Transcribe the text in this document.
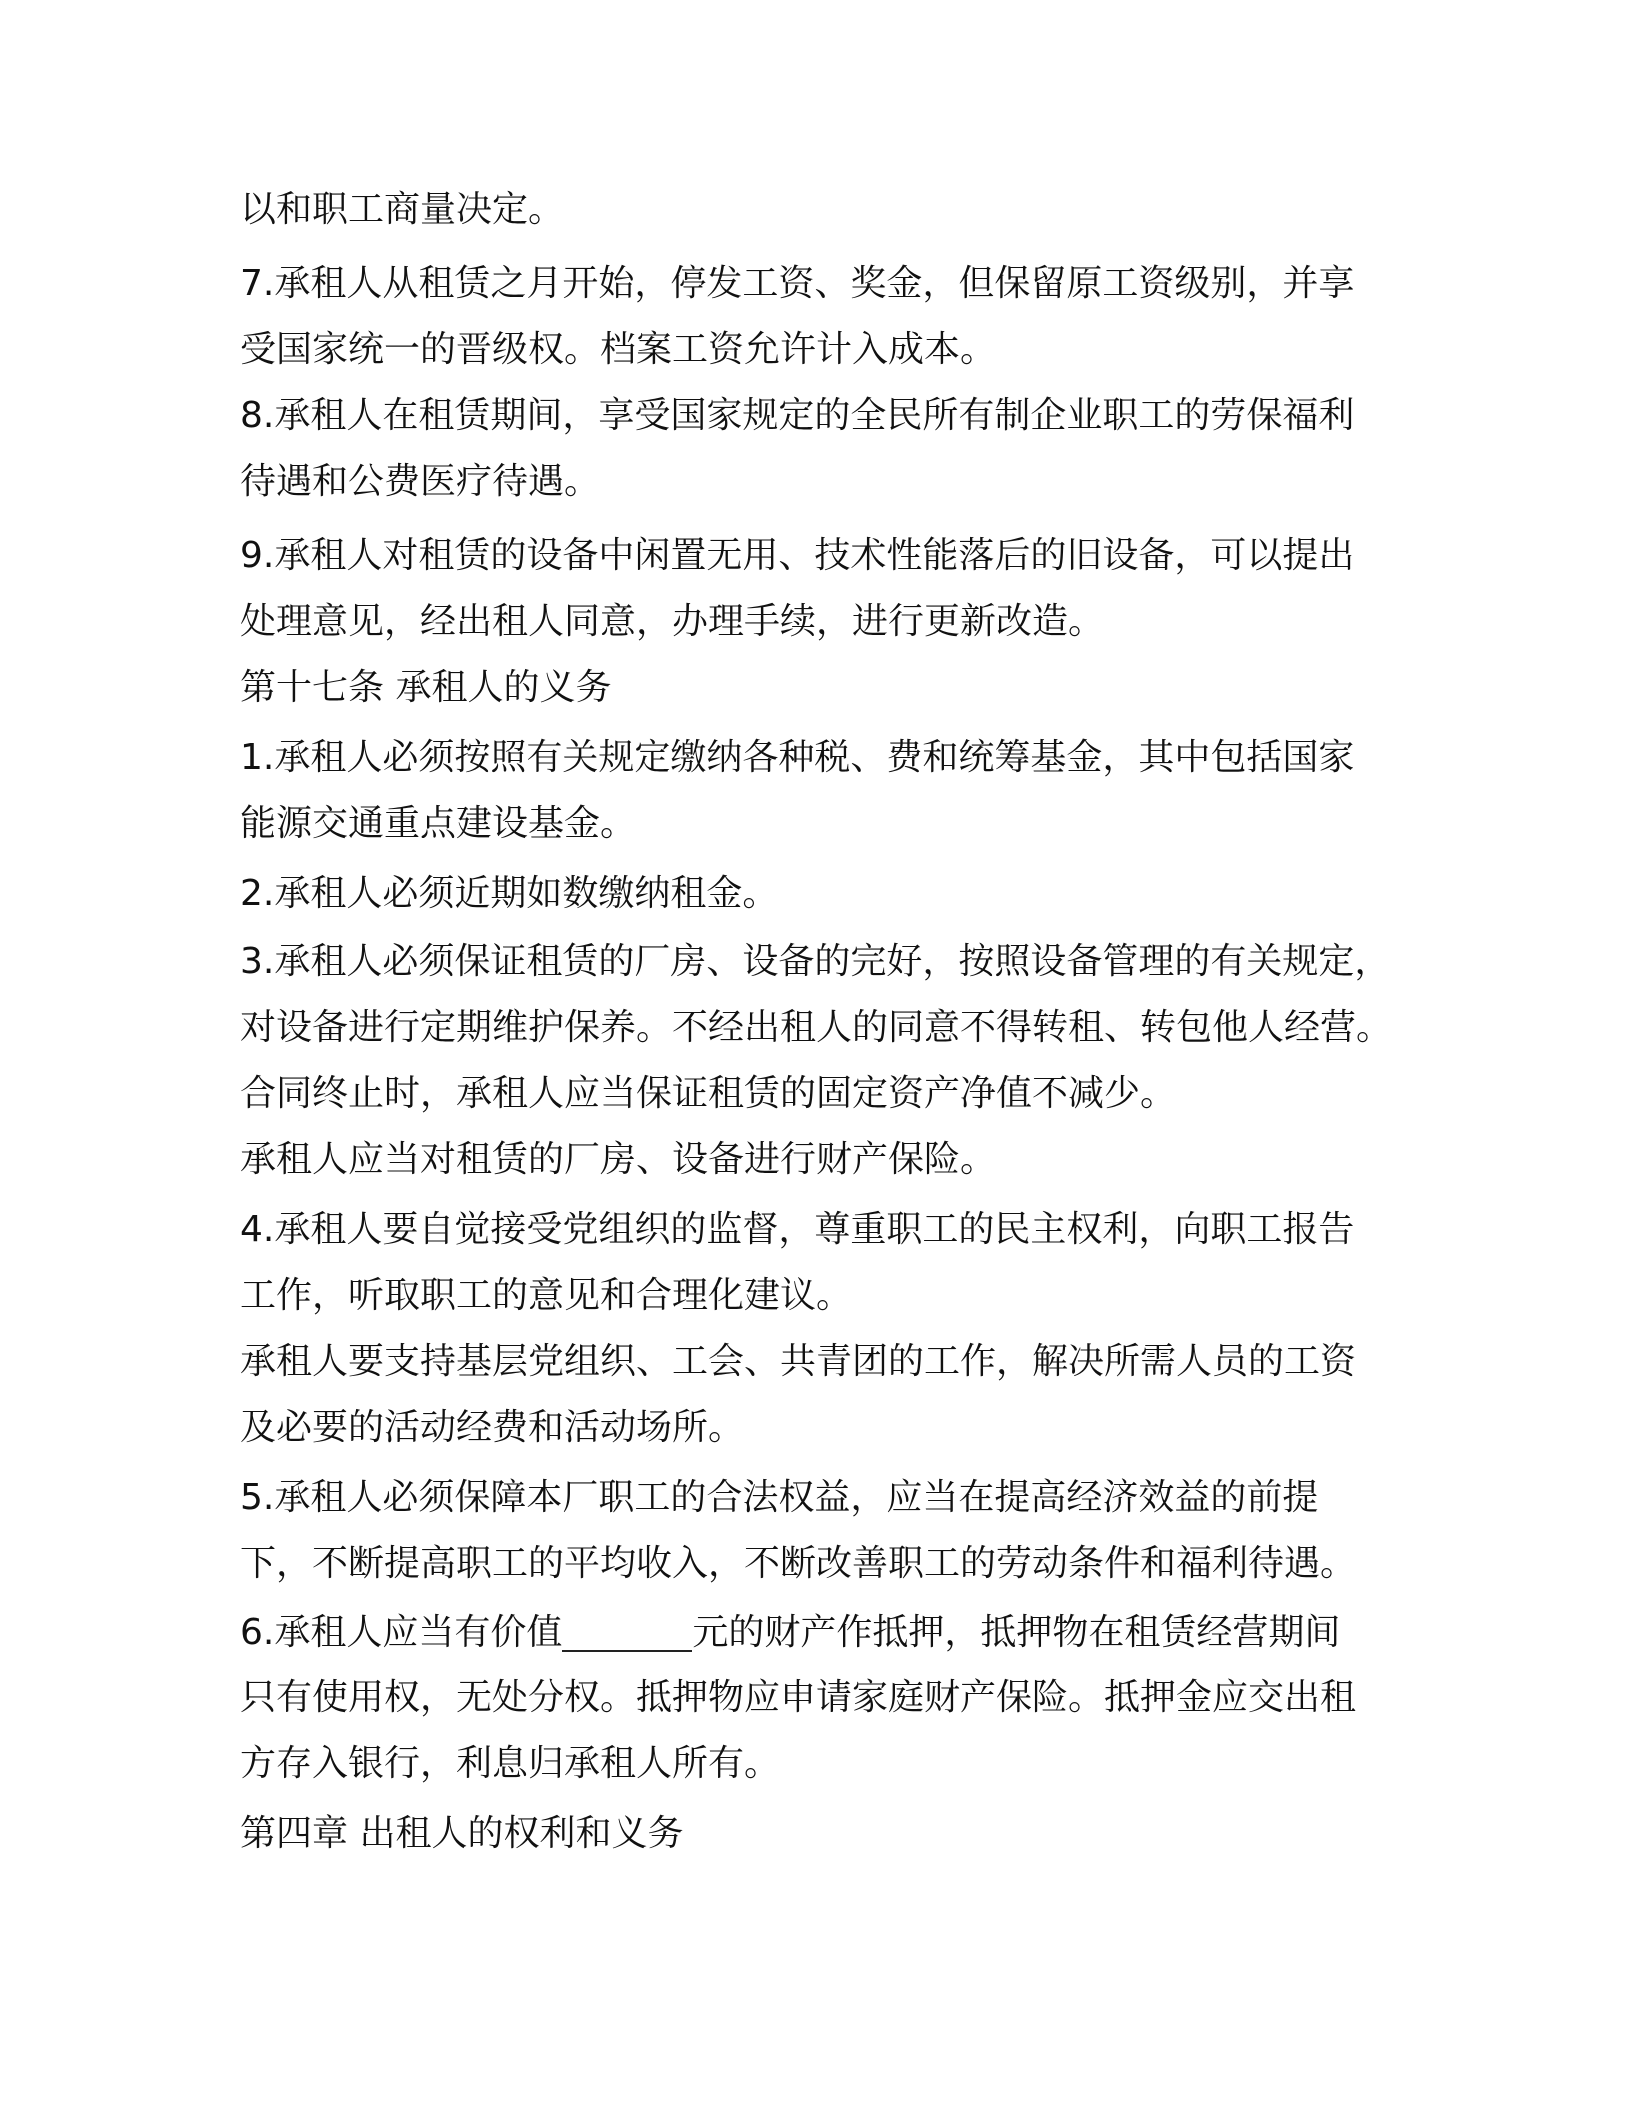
以和职工商量决定。
7.承租人从租赁之月开始，停发工资、奖金，但保留原工资级别，并享
受国家统一的晋级权。档案工资允许计入成本。
8.承租人在租赁期间，享受国家规定的全民所有制企业职工的劳保福利
待遇和公费医疗待遇。
9.承租人对租赁的设备中闲置无用、技术性能落后的旧设备，可以提出
处理意见，经出租人同意，办理手续，进行更新改造。
第十七条 承租人的义务
1.承租人必须按照有关规定缴纳各种税、费和统筹基金，其中包括国家
能源交通重点建设基金。
2.承租人必须近期如数缴纳租金。
3.承租人必须保证租赁的厂房、设备的完好，按照设备管理的有关规定，
对设备进行定期维护保养。不经出租人的同意不得转租、转包他人经营。
合同终止时，承租人应当保证租赁的固定资产净值不减少。
承租人应当对租赁的厂房、设备进行财产保险。
4.承租人要自觉接受党组织的监督，尊重职工的民主权利，向职工报告
工作，听取职工的意见和合理化建议。
承租人要支持基层党组织、工会、共青团的工作，解决所需人员的工资
及必要的活动经费和活动场所。
5.承租人必须保障本厂职工的合法权益，应当在提高经济效益的前提
下，不断提高职工的平均收入，不断改善职工的劳动条件和福利待遇。
6.承租人应当有价值	元的财产作抵押，抵押物在租赁经营期间
只有使用权，无处分权。抵押物应申请家庭财产保险。抵押金应交出租
方存入银行，利息归承租人所有。
第四章 出租人的权利和义务
